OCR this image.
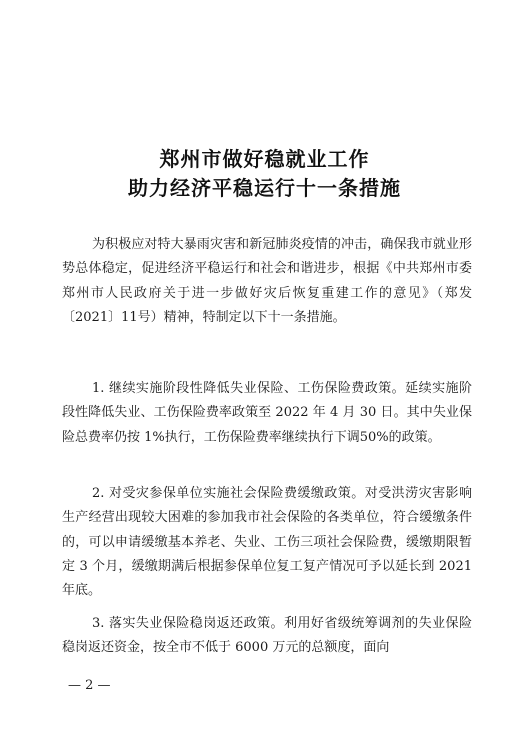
郑州市做好稳就业工作
助力经济平稳运行十一条措施

为积极应对特大暴雨灾害和新冠肺炎疫情的冲击，确保我市就业形势总体稳定，促进经济平稳运行和社会和谐进步，根据《中共郑州市委 郑州市人民政府关于进一步做好灾后恢复重建工作的意见》（郑发〔2021〕11号）精神，特制定以下十一条措施。

1. 继续实施阶段性降低失业保险、工伤保险费政策。延续实施阶段性降低失业、工伤保险费率政策至 2022 年 4 月 30 日。其中失业保险总费率仍按 1%执行，工伤保险费率继续执行下调50%的政策。

2. 对受灾参保单位实施社会保险费缓缴政策。对受洪涝灾害影响生产经营出现较大困难的参加我市社会保险的各类单位，符合缓缴条件的，可以申请缓缴基本养老、失业、工伤三项社会保险费，缓缴期限暂定 3 个月，缓缴期满后根据参保单位复工复产情况可予以延长到 2021年底。

3. 落实失业保险稳岗返还政策。利用好省级统筹调剂的失业保险稳岗返还资金，按全市不低于 6000 万元的总额度，面向

— 2 —
